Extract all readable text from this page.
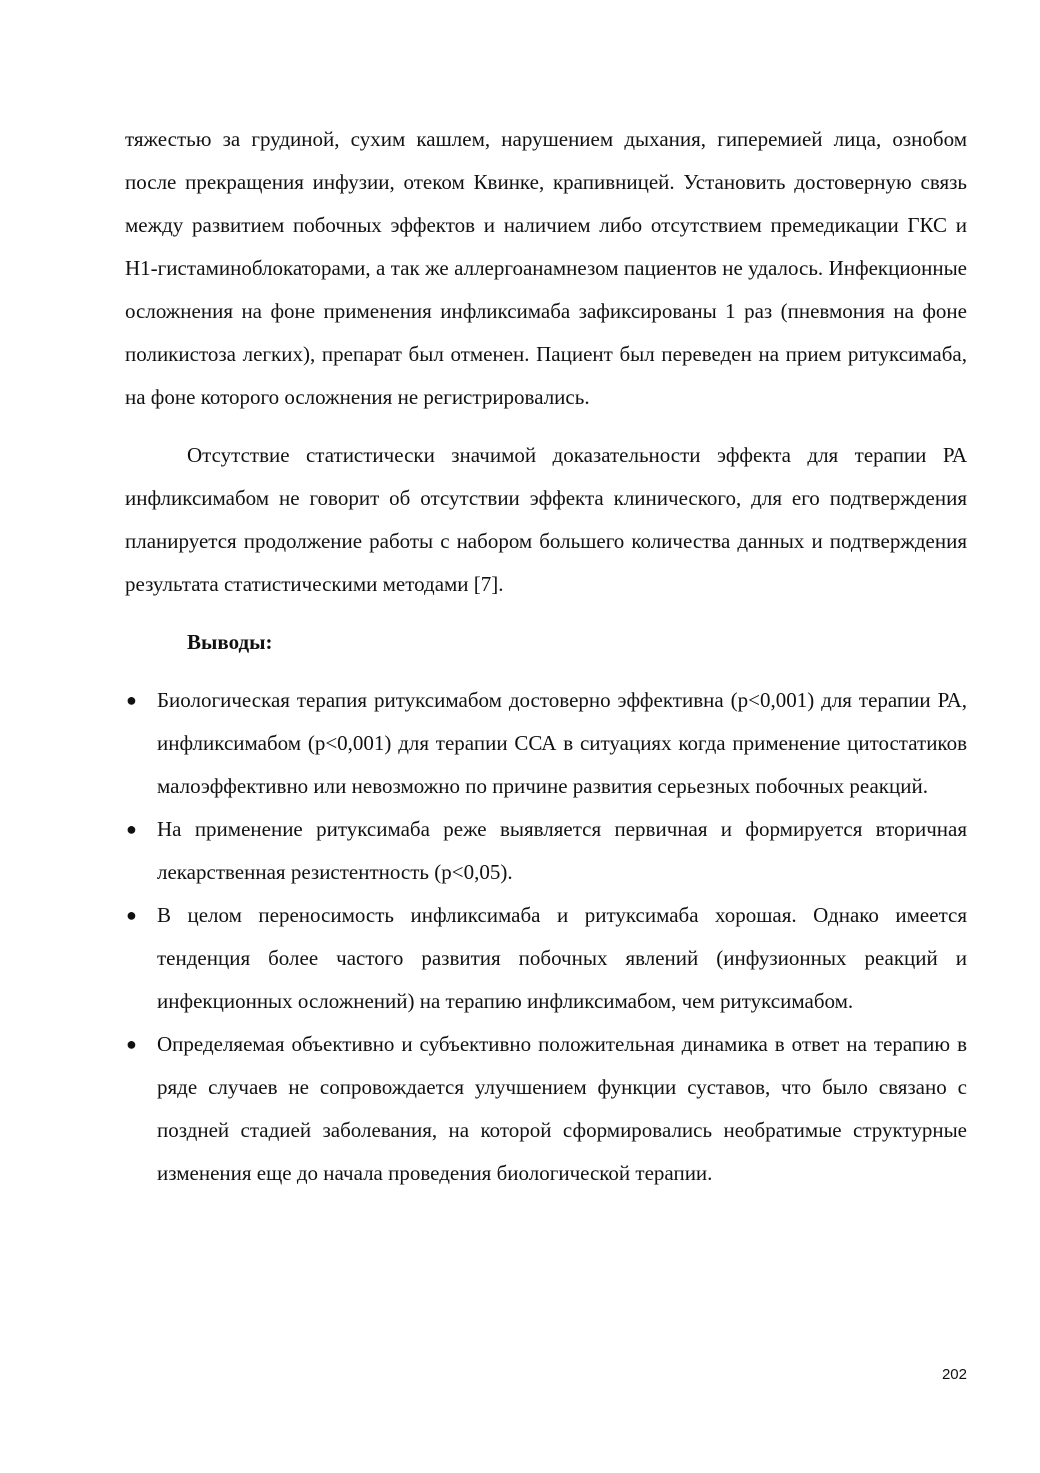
тяжестью за грудиной, сухим кашлем, нарушением дыхания, гиперемией лица, ознобом после прекращения инфузии, отеком Квинке, крапивницей. Установить достоверную связь между развитием побочных эффектов и наличием либо отсутствием премедикации ГКС и Н1-гистаминоблокаторами, а так же аллергоанамнезом пациентов не удалось. Инфекционные осложнения на фоне применения инфликсимаба зафиксированы 1 раз (пневмония на фоне поликистоза легких), препарат был отменен. Пациент был переведен на прием ритуксимаба, на фоне которого осложнения не регистрировались.

Отсутствие статистически значимой доказательности эффекта для терапии РА инфликсимабом не говорит об отсутствии эффекта клинического, для его подтверждения планируется продолжение работы с набором большего количества данных и подтверждения результата статистическими методами [7].

Выводы:
● Биологическая терапия ритуксимабом достоверно эффективна (p<0,001) для терапии РА, инфликсимабом (p<0,001) для терапии ССА в ситуациях когда применение цитостатиков малоэффективно или невозможно по причине развития серьезных побочных реакций.
● На применение ритуксимаба реже выявляется первичная и формируется вторичная лекарственная резистентность (p<0,05).
● В целом переносимость инфликсимаба и ритуксимаба хорошая. Однако имеется тенденция более частого развития побочных явлений (инфузионных реакций и инфекционных осложнений) на терапию инфликсимабом, чем ритуксимабом.
● Определяемая объективно и субъективно положительная динамика в ответ на терапию в ряде случаев не сопровождается улучшением функции суставов, что было связано с поздней стадией заболевания, на которой сформировались необратимые структурные изменения еще до начала проведения биологической терапии.
202
